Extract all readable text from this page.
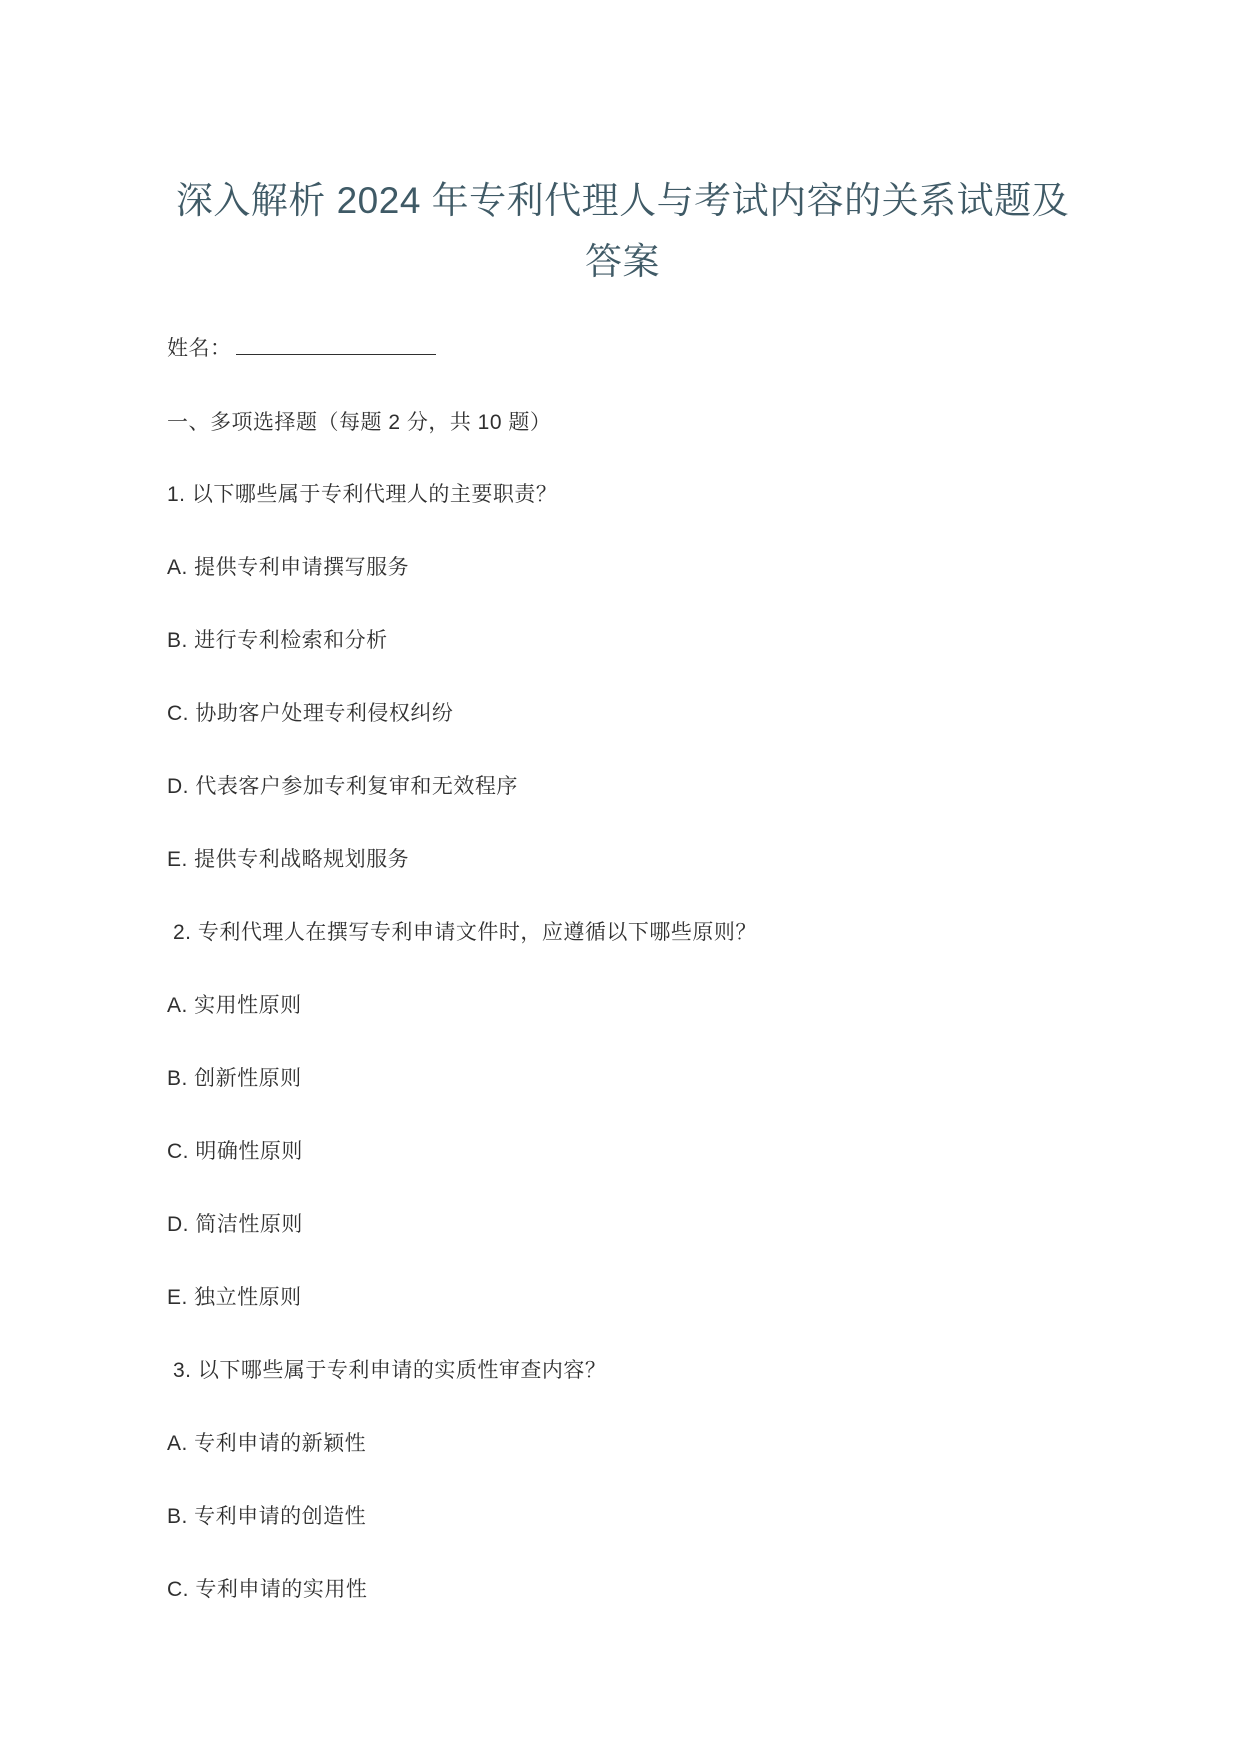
深入解析 2024 年专利代理人与考试内容的关系试题及答案
姓名：
一、多项选择题（每题 2 分，共 10 题）
1. 以下哪些属于专利代理人的主要职责？
A. 提供专利申请撰写服务
B. 进行专利检索和分析
C. 协助客户处理专利侵权纠纷
D. 代表客户参加专利复审和无效程序
E. 提供专利战略规划服务
2. 专利代理人在撰写专利申请文件时，应遵循以下哪些原则？
A. 实用性原则
B. 创新性原则
C. 明确性原则
D. 简洁性原则
E. 独立性原则
3. 以下哪些属于专利申请的实质性审查内容？
A. 专利申请的新颖性
B. 专利申请的创造性
C. 专利申请的实用性
